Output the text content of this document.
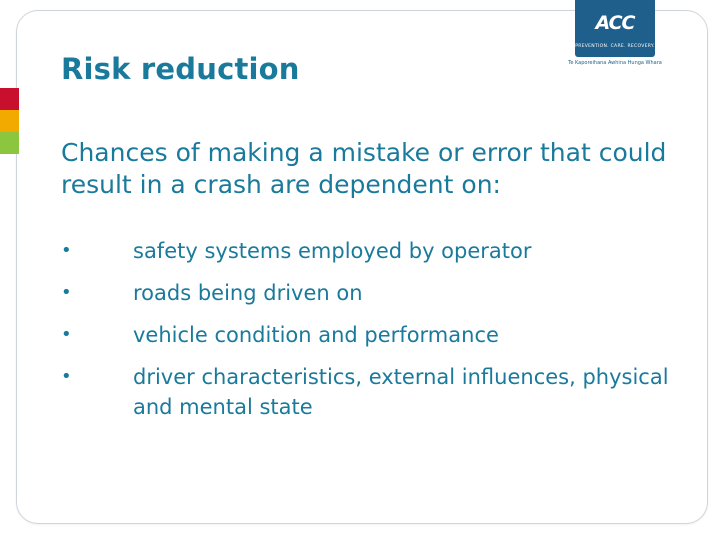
ACC
PREVENTION. CARE. RECOVERY.
Te Kaporeihana Awhina Hunga Whara
Risk reduction

Chances of making a mistake or error that could result in a crash are dependent on:

•	safety systems employed by operator
•	roads being driven on
•	vehicle condition and performance
•	driver characteristics, external influences, physical and mental state
